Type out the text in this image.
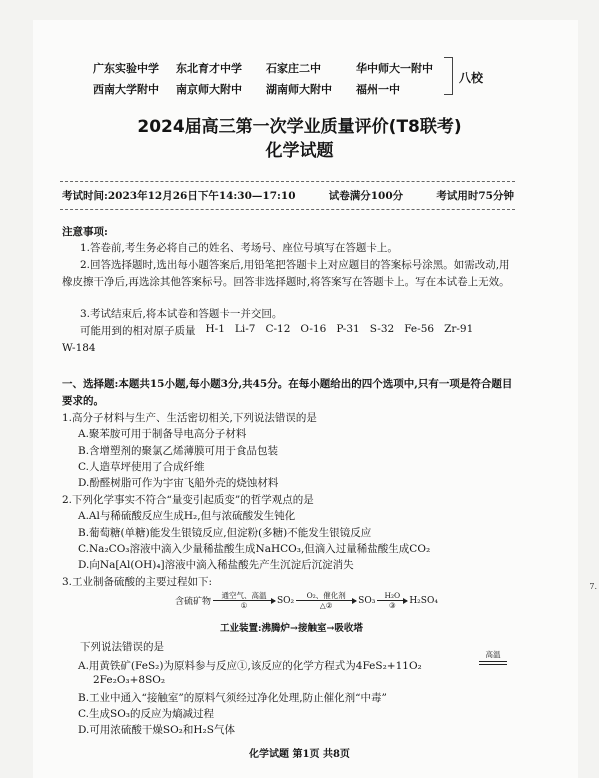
广东实验中学 东北育才中学 石家庄二中	华中师大一附中
西南大学附中 南京师大附中 湖南师大附中 福州一中
八校
2024届高三第一次学业质量评价(T8联考)
化学试题
考试时间:2023年12月26日下午14:30—17:10	试卷满分100分	考试用时75分钟
注意事项:
1.答卷前,考生务必将自己的姓名、考场号、座位号填写在答题卡上。
2.回答选择题时,选出每小题答案后,用铅笔把答题卡上对应题目的答案标号涂黑。如需改动,用橡皮擦干净后,再选涂其他答案标号。回答非选择题时,将答案写在答题卡上。写在本试卷上无效。
3.考试结束后,将本试卷和答题卡一并交回。
可能用到的相对原子质量 H-1 Li-7 C-12 O-16 P-31 S-32 Fe-56 Zr-91
W-184
一、选择题:本题共15小题,每小题3分,共45分。在每小题给出的四个选项中,只有一项是符合题目要求的。
1.高分子材料与生产、生活密切相关,下列说法错误的是
A.聚苯胺可用于制备导电高分子材料
B.含增塑剂的聚氯乙烯薄膜可用于食品包装
C.人造草坪使用了合成纤维
D.酚醛树脂可作为宇宙飞船外壳的烧蚀材料
2.下列化学事实不符合“量变引起质变”的哲学观点的是
A.Al与稀硫酸反应生成H₂,但与浓硫酸发生钝化
B.葡萄糖(单糖)能发生银镜反应,但淀粉(多糖)不能发生银镜反应
C.Na₂CO₃溶液中滴入少量稀盐酸生成NaHCO₃,但滴入过量稀盐酸生成CO₂
D.向Na[Al(OH)₄]溶液中滴入稀盐酸先产生沉淀后沉淀消失
3.工业制备硫酸的主要过程如下:
含硫矿物
通空气、高温
①	SO₂	O₂、催化剂
△②	SO₃	H₂O
③	H₂SO₄
工业装置:沸腾炉→接触室→吸收塔
下列说法错误的是
A.用黄铁矿(FeS₂)为原料参与反应①,该反应的化学方程式为4FeS₂+11O₂
高温
2Fe₂O₃+8SO₂
B.工业中通入“接触室”的原料气须经过净化处理,防止催化剂“中毒”
C.生成SO₃的反应为熵减过程
D.可用浓硫酸干燥SO₂和H₂S气体
7.
化学试题 第1页 共8页
